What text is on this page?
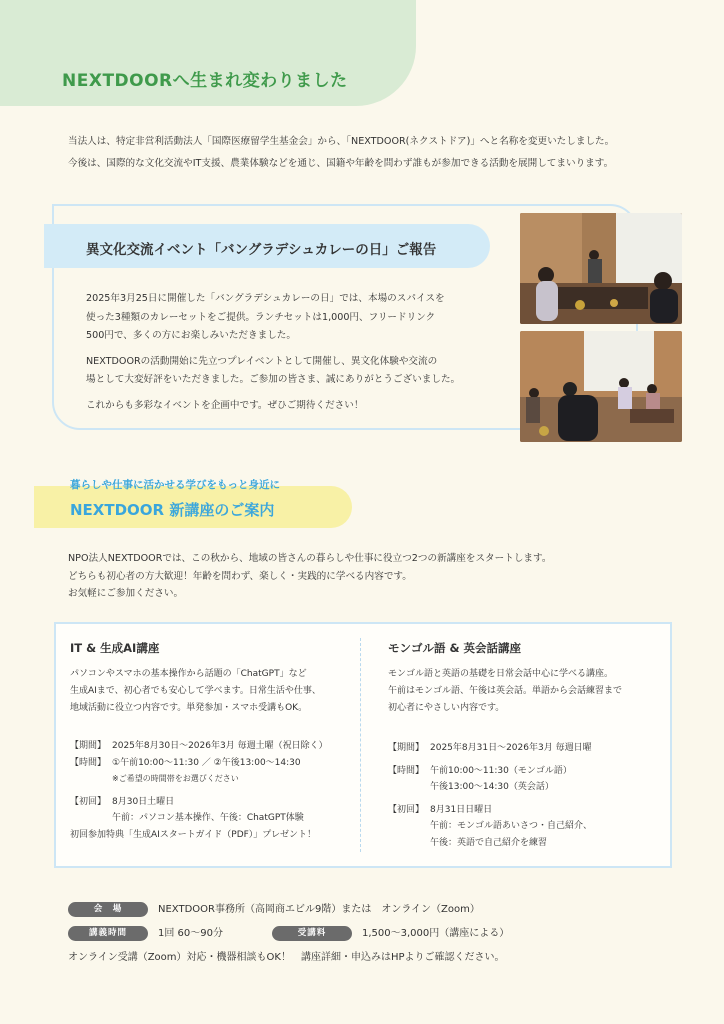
NEXTDOORへ生まれ変わりました
当法人は、特定非営利活動法人「国際医療留学生基金会」から、「NEXTDOOR(ネクストドア)」へと名称を変更いたしました。
今後は、国際的な文化交流やIT支援、農業体験などを通じ、国籍や年齢を問わず誰もが参加できる活動を展開してまいります。
異文化交流イベント「バングラデシュカレーの日」ご報告

2025年3月25日に開催した「バングラデシュカレーの日」では、本場のスパイスを
使った3種類のカレーセットをご提供。ランチセットは1,000円、フリードリンク
500円で、多くの方にお楽しみいただきました。

NEXTDOORの活動開始に先立つプレイベントとして開催し、異文化体験や交流の
場として大変好評をいただきました。ご参加の皆さま、誠にありがとうございました。

これからも多彩なイベントを企画中です。ぜひご期待ください！

暮らしや仕事に活かせる学びをもっと身近に
NEXTDOOR 新講座のご案内
NPO法人NEXTDOORでは、この秋から、地域の皆さんの暮らしや仕事に役立つ2つの新講座をスタートします。
どちらも初心者の方大歓迎！年齢を問わず、楽しく・実践的に学べる内容です。
お気軽にご参加ください。
IT & 生成AI講座
パソコンやスマホの基本操作から話題の「ChatGPT」など
生成AIまで、初心者でも安心して学べます。日常生活や仕事、
地域活動に役立つ内容です。単発参加・スマホ受講もOK。
【期間】 2025年8月30日〜2026年3月 毎週土曜（祝日除く）
【時間】 ①午前10:00〜11:30 ／ ②午後13:00〜14:30
※ご希望の時間帯をお選びください
【初回】 8月30日土曜日
午前：パソコン基本操作、午後：ChatGPT体験
初回参加特典「生成AIスタートガイド（PDF）」プレゼント！
モンゴル語 & 英会話講座
モンゴル語と英語の基礎を日常会話中心に学べる講座。
午前はモンゴル語、午後は英会話。単語から会話練習まで
初心者にやさしい内容です。
【期間】 2025年8月31日〜2026年3月 毎週日曜
【時間】 午前10:00〜11:30（モンゴル語）
午後13:00〜14:30（英会話）
【初回】 8月31日日曜日
午前：モンゴル語あいさつ・自己紹介、
午後：英語で自己紹介を練習
会　場	NEXTDOOR事務所（高岡商エビル9階）または　オンライン（Zoom）
講義時間	1回 60〜90分	受講料	1,500〜3,000円（講座による）
オンライン受講（Zoom）対応・機器相談もOK！　講座詳細・申込みはHPよりご確認ください。
